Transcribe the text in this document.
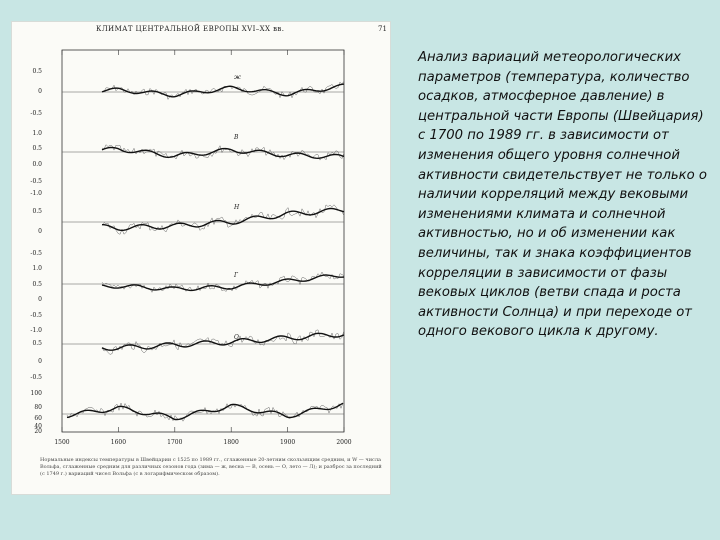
КЛИМАТ ЦЕНТРАЛЬНОЙ ЕВРОПЫ XVI–XX вв.	71
0.5
0
-0.5
1.0
0.5
0.0
-0.5
-1.0
0.5
0
-0.5
1.0
0.5
0
-0.5
-1.0
0.5
0
-0.5
100
80
60
40
20
1500	1600	1700	1800	1900	2000
ж
В
Н
Г
О
Нормальные индексы температуры в Швейцарии с 1525 по 1989 гг., сглаженные 20-летним скользящим средним, и W — числа Вольфа, сглаженные средним для различных сезонов года (зима — ж, весна — В, осень — О, лето — Л); и разброс за последний (с 1749 г.) вариаций чисел Вольфа (с в логарифмическом образом).
Анализ вариаций метеорологических параметров (температура, количество осадков, атмосферное давление) в центральной части Европы (Швейцария) с 1700 по 1989 гг. в зависимости от изменения общего уровня солнечной активности свидетельствует не только о наличии корреляций между вековыми изменениями климата и солнечной активностью, но и об изменении как величины, так и знака коэффициентов корреляции в зависимости от фазы вековых циклов (ветви спада и роста активности Солнца) и при переходе от одного векового цикла к другому.
